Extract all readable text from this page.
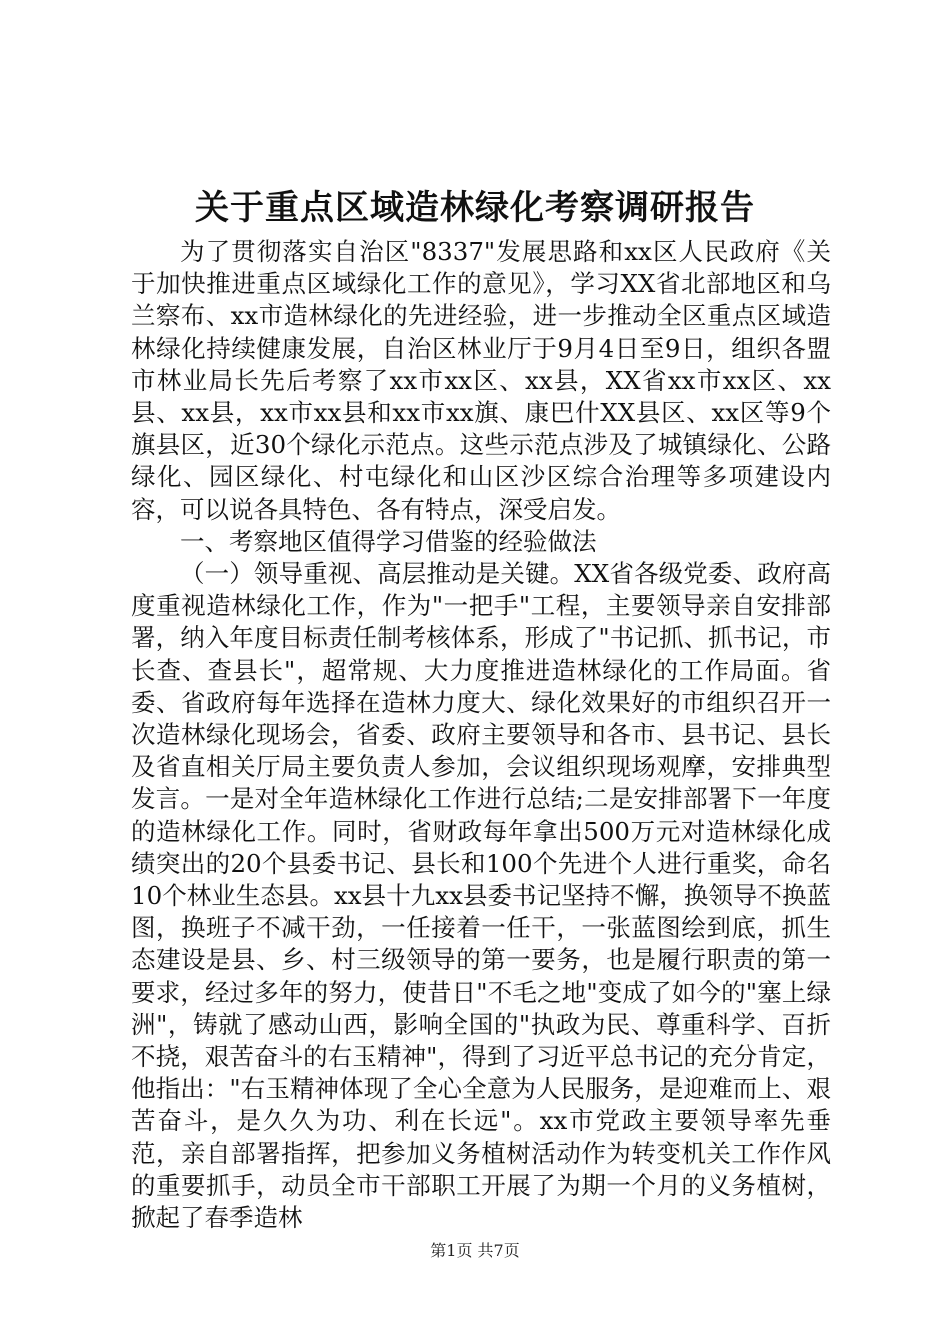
关于重点区域造林绿化考察调研报告

为了贯彻落实自治区"8337"发展思路和xx区人民政府《关于加快推进重点区域绿化工作的意见》，学习XX省北部地区和乌兰察布、xx市造林绿化的先进经验，进一步推动全区重点区域造林绿化持续健康发展，自治区林业厅于9月4日至9日，组织各盟市林业局长先后考察了xx市xx区、xx县，XX省xx市xx区、xx县、xx县，xx市xx县和xx市xx旗、康巴什XX县区、xx区等9个旗县区，近30个绿化示范点。这些示范点涉及了城镇绿化、公路绿化、园区绿化、村屯绿化和山区沙区综合治理等多项建设内容，可以说各具特色、各有特点，深受启发。

一、考察地区值得学习借鉴的经验做法

（一）领导重视、高层推动是关键。XX省各级党委、政府高度重视造林绿化工作，作为"一把手"工程，主要领导亲自安排部署，纳入年度目标责任制考核体系，形成了"书记抓、抓书记，市长查、查县长"，超常规、大力度推进造林绿化的工作局面。省委、省政府每年选择在造林力度大、绿化效果好的市组织召开一次造林绿化现场会，省委、政府主要领导和各市、县书记、县长及省直相关厅局主要负责人参加，会议组织现场观摩，安排典型发言。一是对全年造林绿化工作进行总结;二是安排部署下一年度的造林绿化工作。同时，省财政每年拿出500万元对造林绿化成绩突出的20个县委书记、县长和100个先进个人进行重奖，命名10个林业生态县。xx县十九xx县委书记坚持不懈，换领导不换蓝图，换班子不减干劲，一任接着一任干，一张蓝图绘到底，抓生态建设是县、乡、村三级领导的第一要务，也是履行职责的第一要求，经过多年的努力，使昔日"不毛之地"变成了如今的"塞上绿洲"，铸就了感动山西，影响全国的"执政为民、尊重科学、百折不挠，艰苦奋斗的右玉精神"，得到了习近平总书记的充分肯定，他指出："右玉精神体现了全心全意为人民服务，是迎难而上、艰苦奋斗，是久久为功、利在长远"。xx市党政主要领导率先垂范，亲自部署指挥，把参加义务植树活动作为转变机关工作作风的重要抓手，动员全市干部职工开展了为期一个月的义务植树，掀起了春季造林

第1页 共7页
